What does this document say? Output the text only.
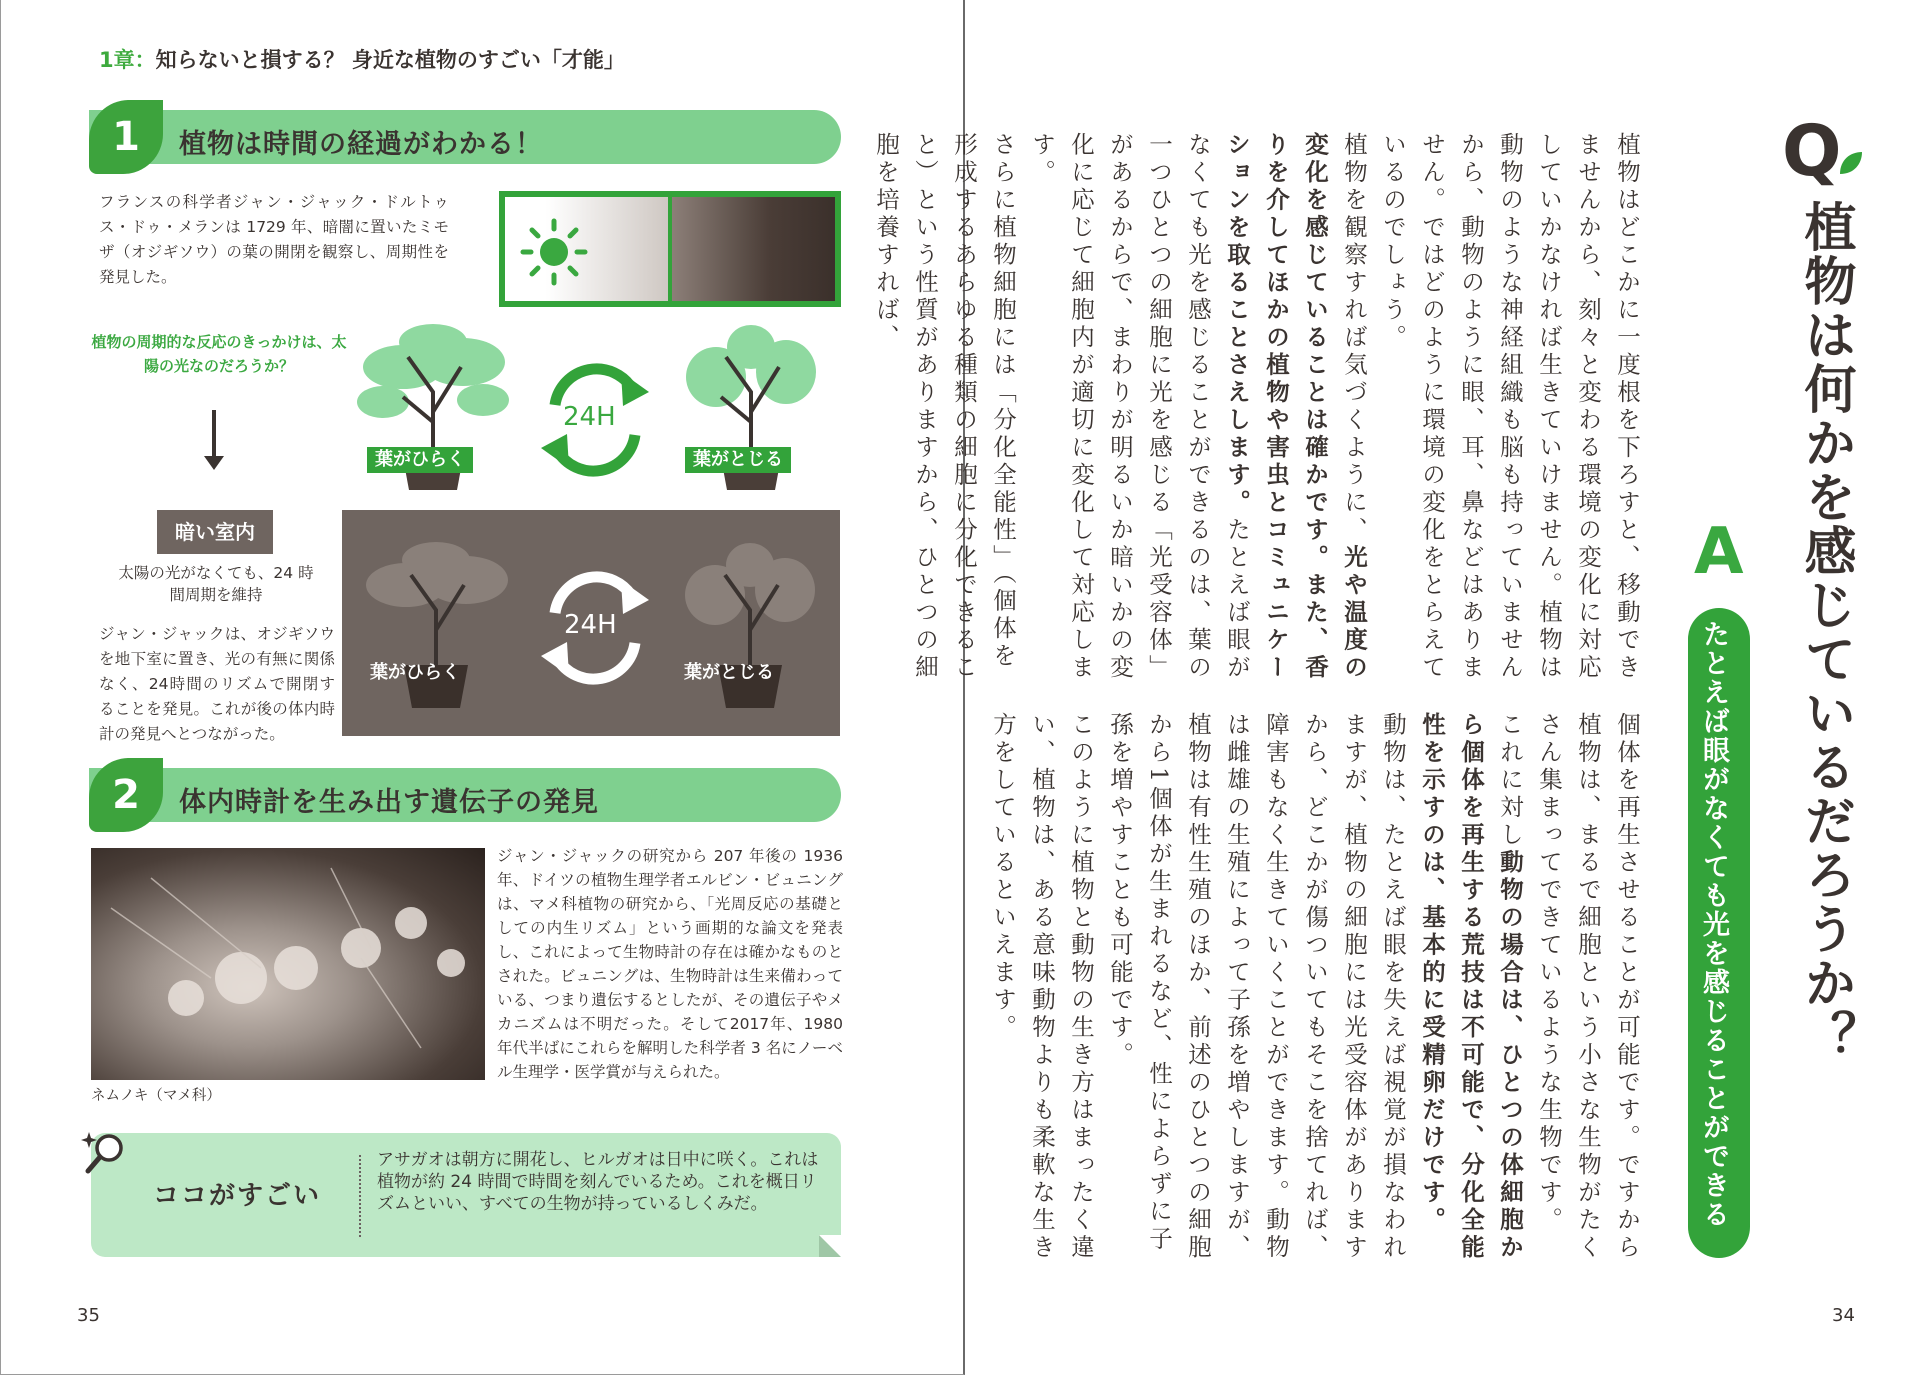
1章：知らないと損する？ 身近な植物のすごい「才能」
植物は時間の経過がわかる！
1
フランスの科学者ジャン・ジャック・ドルトゥス・ドゥ・メランは 1729 年、暗闇に置いたミモザ（オジギソウ）の葉の開閉を観察し、周期性を発見した。
植物の周期的な反応のきっかけは、太陽の光なのだろうか？
葉がひらく
24H
葉がとじる
暗い室内
太陽の光がなくても、24 時間周期を維持
ジャン・ジャックは、オジギソウを地下室に置き、光の有無に関係なく、24時間のリズムで開閉することを発見。これが後の体内時計の発見へとつながった。
葉がひらく
24H
葉がとじる
体内時計を生み出す遺伝子の発見
2
ネムノキ（マメ科）
ジャン・ジャックの研究から 207 年後の 1936 年、ドイツの植物生理学者エルビン・ビュニングは、マメ科植物の研究から、「光周反応の基礎としての内生リズム」という画期的な論文を発表し、これによって生物時計の存在は確かなものとされた。ビュニングは、生物時計は生来備わっている、つまり遺伝するとしたが、その遺伝子やメカニズムは不明だった。そして2017年、1980 年代半ばにこれらを解明した科学者 3 名にノーベル生理学・医学賞が与えられた。
ココがすごい
アサガオは朝方に開花し、ヒルガオは日中に咲く。これは植物が約 24 時間で時間を刻んでいるため。これを概日リズムといい、すべての生物が持っているしくみだ。
35
Q
植物は何かを感じているだろうか？
A
たとえば眼がなくても光を感じることができる
植物はどこかに一度根を下ろすと、移動できませんから、刻々と変わる環境の変化に対応していかなければ生きていけません。植物は動物のような神経組織も脳も持っていませんから、動物のように眼、耳、鼻などはありません。ではどのように環境の変化をとらえているのでしょう。
植物を観察すれば気づくように、光や温度の変化を感じていることは確かです。また、香りを介してほかの植物や害虫とコミュニケーションを取ることさえします。たとえば眼がなくても光を感じることができるのは、葉の一つひとつの細胞に光を感じる「光受容体」があるからで、まわりが明るいか暗いかの変化に応じて細胞内が適切に変化して対応します。
さらに植物細胞には「分化全能性」（個体を形成するあらゆる種類の細胞に分化できること）という性質がありますから、ひとつの細胞を培養すれば、
個体を再生させることが可能です。ですから植物は、まるで細胞という小さな生物がたくさん集まってできているような生物です。
これに対し動物の場合は、ひとつの体細胞から個体を再生する荒技は不可能で、分化全能性を示すのは、基本的に受精卵だけです。
動物は、たとえば眼を失えば視覚が損なわれますが、植物の細胞には光受容体がありますから、どこかが傷ついてもそこを捨てれば、障害もなく生きていくことができます。動物は雌雄の生殖によって子孫を増やしますが、植物は有性生殖のほか、前述のひとつの細胞から1個体が生まれるなど、性によらずに子孫を増やすことも可能です。
このように植物と動物の生き方はまったく違い、植物は、ある意味動物よりも柔軟な生き方をしているといえます。
34
